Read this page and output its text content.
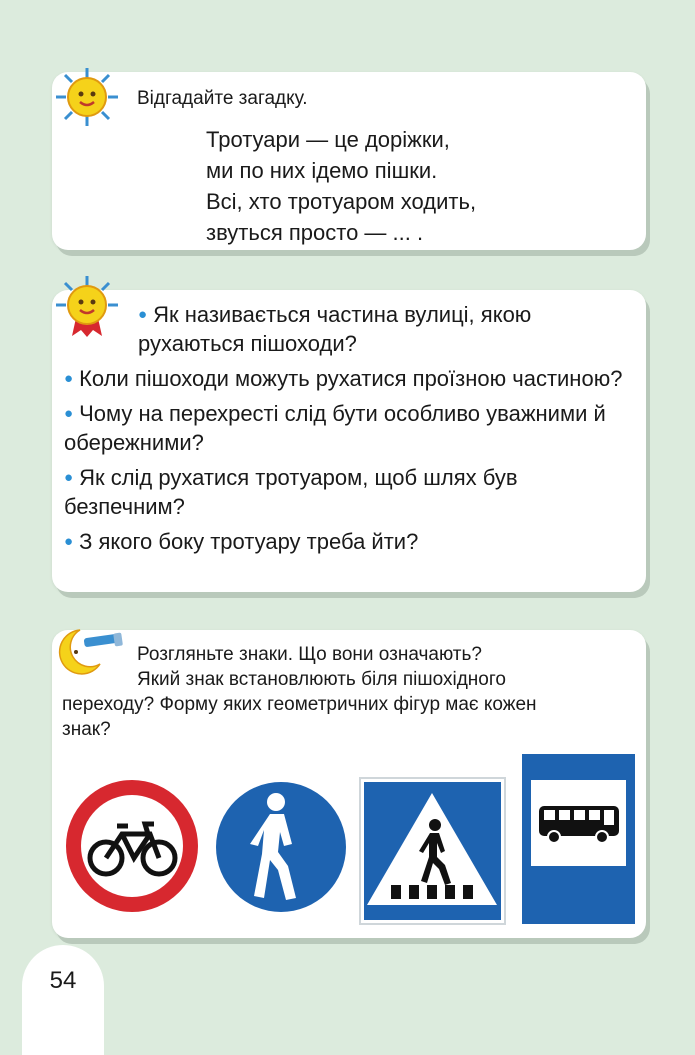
Відгадайте загадку.
Тротуари — це доріжки,
ми по них ідемо пішки.
Всі, хто тротуаром ходить,
звуться просто — ... .
● Як називається частина вулиці, якою рухаються пішоходи?
● Коли пішоходи можуть рухатися проїзною частиною?
● Чому на перехресті слід бути особливо уважними й обережними?
● Як слід рухатися тротуаром, щоб шлях був безпечним?
● З якого боку тротуару треба йти?
Розгляньте знаки. Що вони означають?
Який знак встановлюють біля пішохідного
переходу? Форму яких геометричних фігур має кожен
знак?
54
